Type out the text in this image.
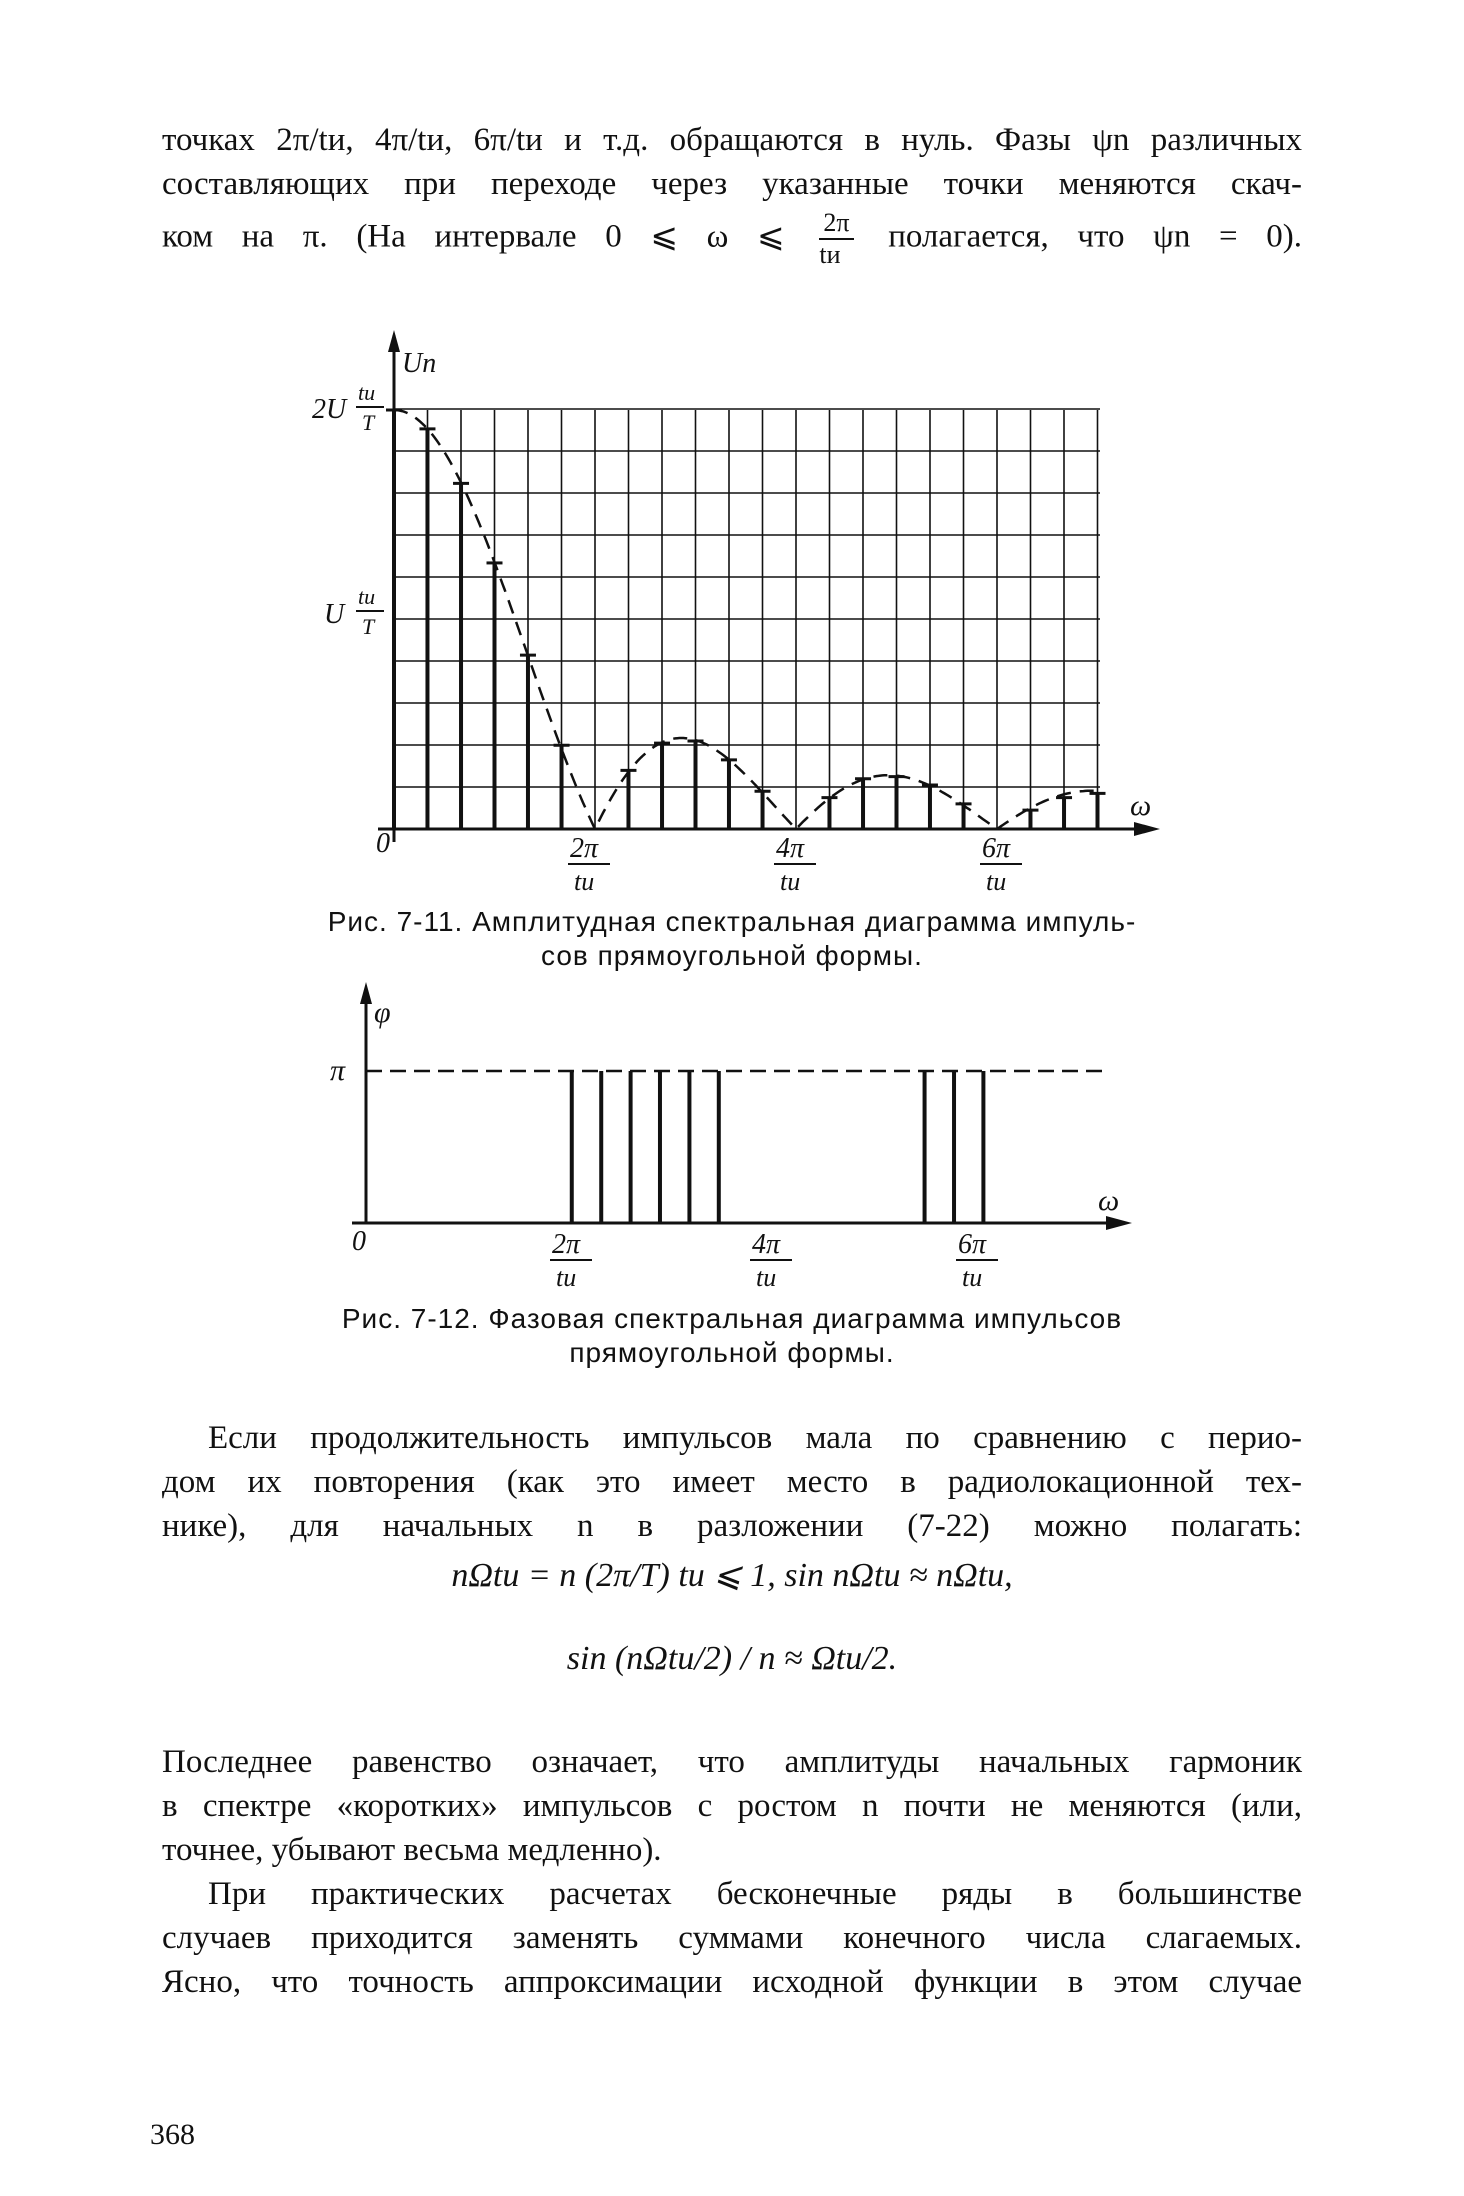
точках 2π/tи, 4π/tи, 6π/tи и т.д. обращаются в нуль. Фазы ψn различных
составляющих при переходе через указанные точки меняются скач-
ком на π. (На интервале 0 ⩽ ω ⩽ $\frac{2\pi}{tи}$ полагается, что ψn = 0).
Un
ω
0
2U
tи
T
U
tи
T
2π
tи
4π
tи
6π
tи
φ
π
ω
0	2π
tи
4π
tи
6π
tи
Рис. 7-11. Амплитудная спектральная диаграмма импуль-
сов прямоугольной формы.
Рис. 7-12. Фазовая спектральная диаграмма импульсов
прямоугольной формы.
Если продолжительность импульсов мала по сравнению с перио-
дом их повторения (как это имеет место в радиолокационной тех-
нике), для начальных n в разложении (7-22) можно полагать:
nΩtи = n (2π/T) tи ⩽ 1, sin nΩtи ≈ nΩtи,
sin (nΩtи/2) / n ≈ Ωtи/2.
Последнее равенство означает, что амплитуды начальных гармоник
в спектре «коротких» импульсов с ростом n почти не меняются (или,
точнее, убывают весьма медленно).
При практических расчетах бесконечные ряды в большинстве
случаев приходится заменять суммами конечного числа слагаемых.
Ясно, что точность аппроксимации исходной функции в этом случае
368
